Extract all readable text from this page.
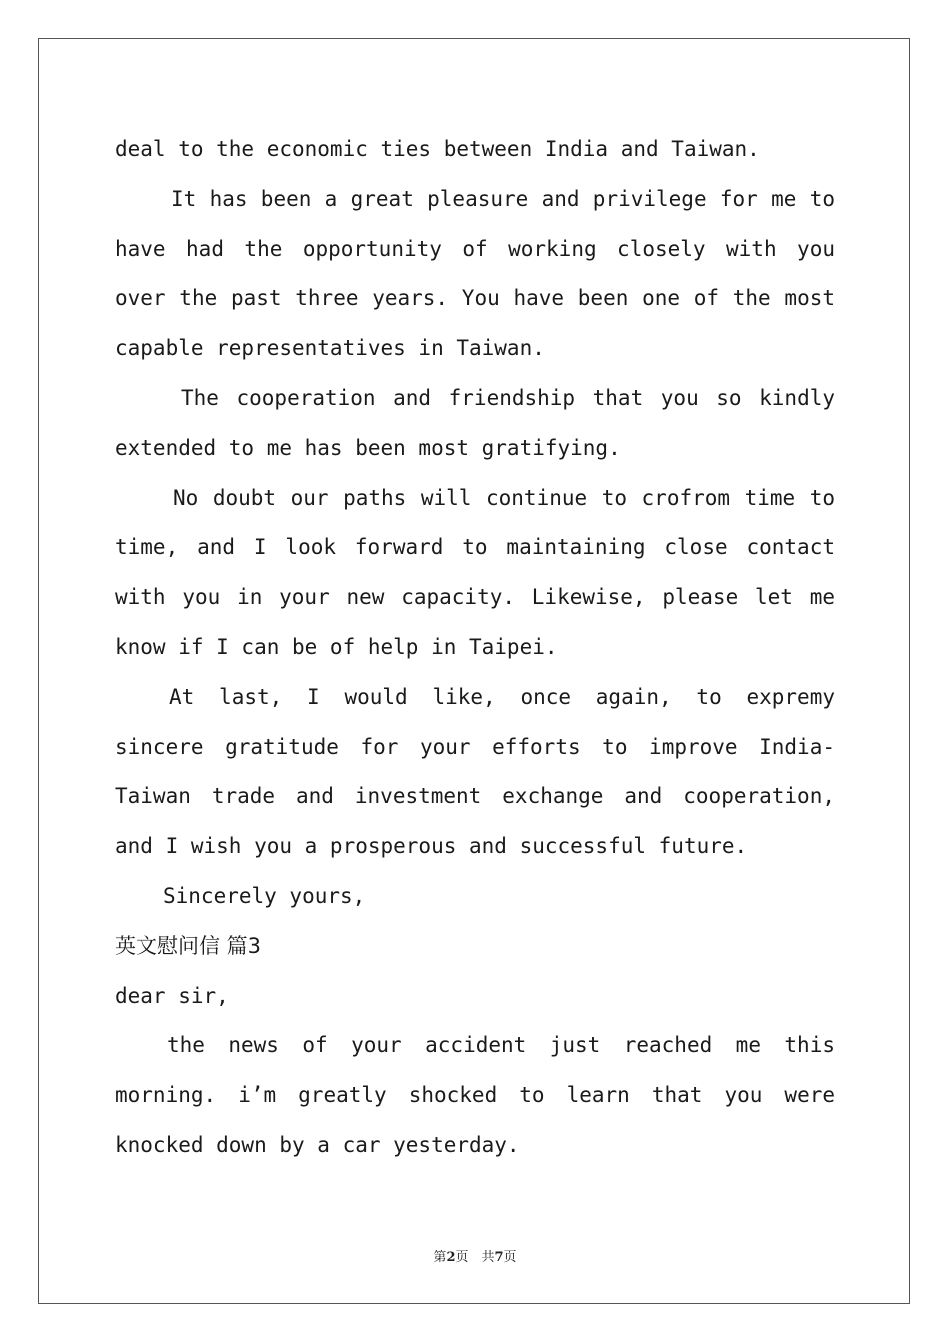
deal to the economic ties between India and Taiwan.

It has been a great pleasure and privilege for me to have had the opportunity of working closely with you over the past three years. You have been one of the most capable representatives in Taiwan.

The cooperation and friendship that you so kindly extended to me has been most gratifying.

No doubt our paths will continue to crofrom time to time, and I look forward to maintaining close contact with you in your new capacity. Likewise, please let me know if I can be of help in Taipei.

At last, I would like, once again, to expremy sincere gratitude for your efforts to improve India-Taiwan trade and investment exchange and cooperation, and I wish you a prosperous and successful future.

Sincerely yours,

英文慰问信 篇3

dear sir,

the news of your accident just reached me this morning. i’m greatly shocked to learn that you were knocked down by a car yesterday.

第2页　共7页
